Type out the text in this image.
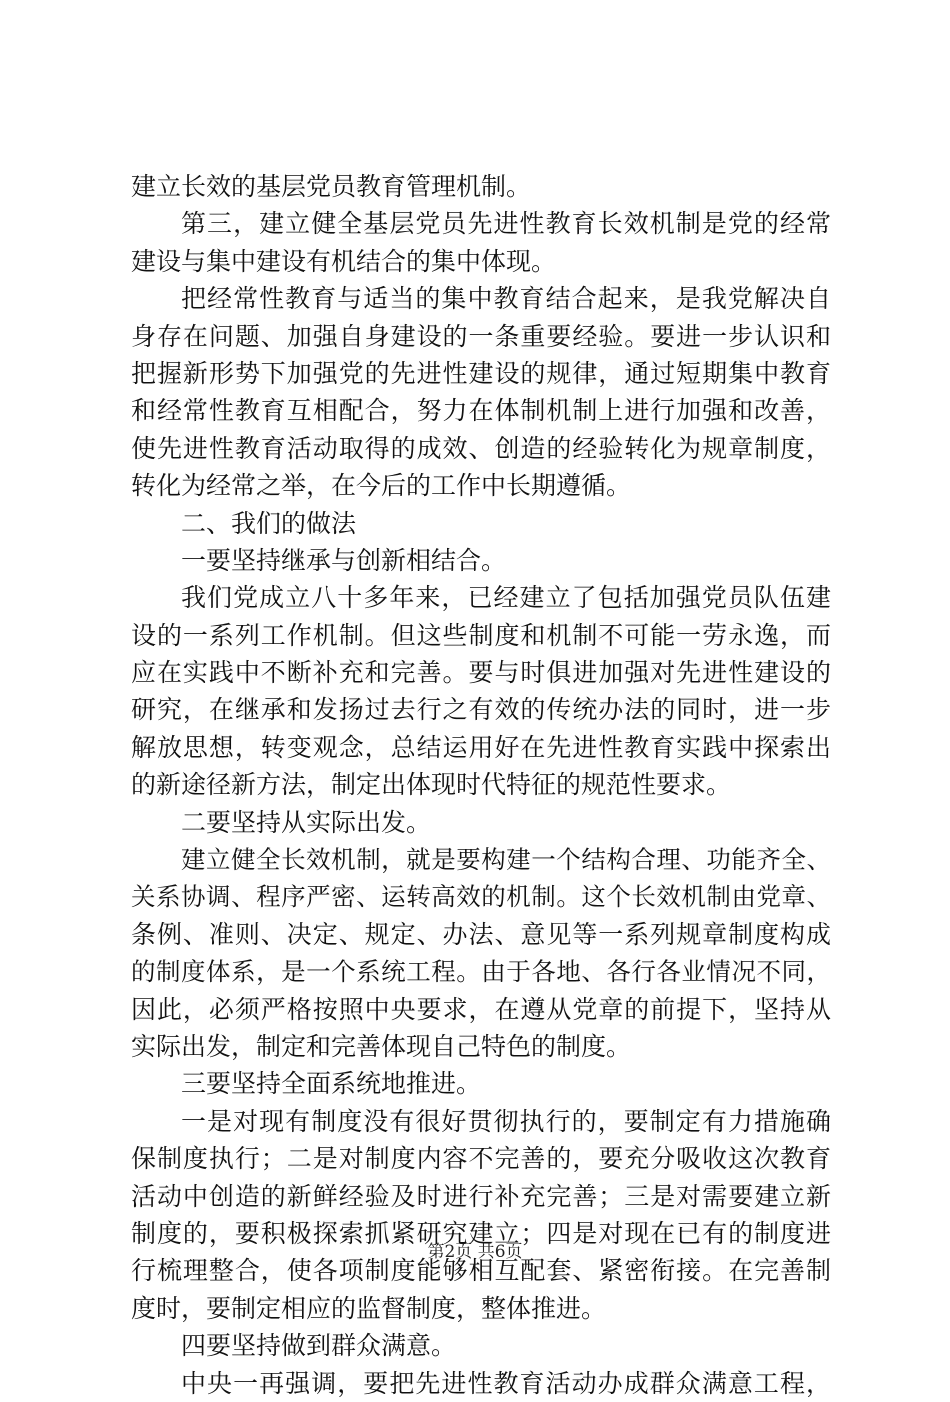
建立长效的基层党员教育管理机制。
第三，建立健全基层党员先进性教育长效机制是党的经常
建设与集中建设有机结合的集中体现。
把经常性教育与适当的集中教育结合起来，是我党解决自
身存在问题、加强自身建设的一条重要经验。要进一步认识和
把握新形势下加强党的先进性建设的规律，通过短期集中教育
和经常性教育互相配合，努力在体制机制上进行加强和改善，
使先进性教育活动取得的成效、创造的经验转化为规章制度，
转化为经常之举，在今后的工作中长期遵循。
二、我们的做法
一要坚持继承与创新相结合。
我们党成立八十多年来，已经建立了包括加强党员队伍建
设的一系列工作机制。但这些制度和机制不可能一劳永逸，而
应在实践中不断补充和完善。要与时俱进加强对先进性建设的
研究，在继承和发扬过去行之有效的传统办法的同时，进一步
解放思想，转变观念，总结运用好在先进性教育实践中探索出
的新途径新方法，制定出体现时代特征的规范性要求。
二要坚持从实际出发。
建立健全长效机制，就是要构建一个结构合理、功能齐全、
关系协调、程序严密、运转高效的机制。这个长效机制由党章、
条例、准则、决定、规定、办法、意见等一系列规章制度构成
的制度体系，是一个系统工程。由于各地、各行各业情况不同，
因此，必须严格按照中央要求，在遵从党章的前提下，坚持从
实际出发，制定和完善体现自己特色的制度。
三要坚持全面系统地推进。
一是对现有制度没有很好贯彻执行的，要制定有力措施确
保制度执行；二是对制度内容不完善的，要充分吸收这次教育
活动中创造的新鲜经验及时进行补充完善；三是对需要建立新
制度的，要积极探索抓紧研究建立；四是对现在已有的制度进
行梳理整合，使各项制度能够相互配套、紧密衔接。在完善制
度时，要制定相应的监督制度，整体推进。
四要坚持做到群众满意。
中央一再强调，要把先进性教育活动办成群众满意工程，
第2页 共6页
